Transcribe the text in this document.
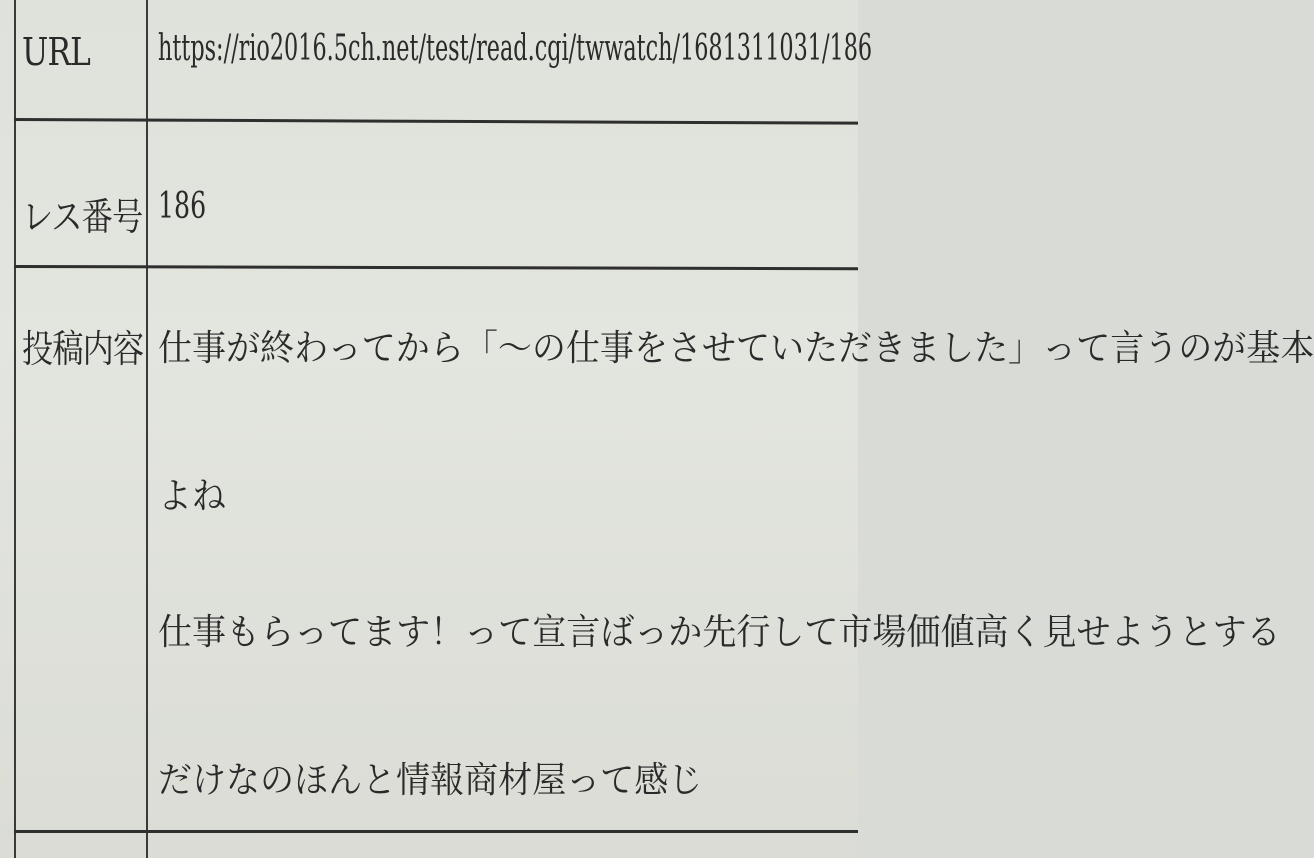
URL https://rio2016.5ch.net/test/read.cgi/twwatch/1681311031/186
レス番号 186
投稿内容 仕事が終わってから「～の仕事をさせていただきました」って言うのが基本
よね
仕事もらってます！って宣言ばっか先行して市場価値高く見せようとする
だけなのほんと情報商材屋って感じ
